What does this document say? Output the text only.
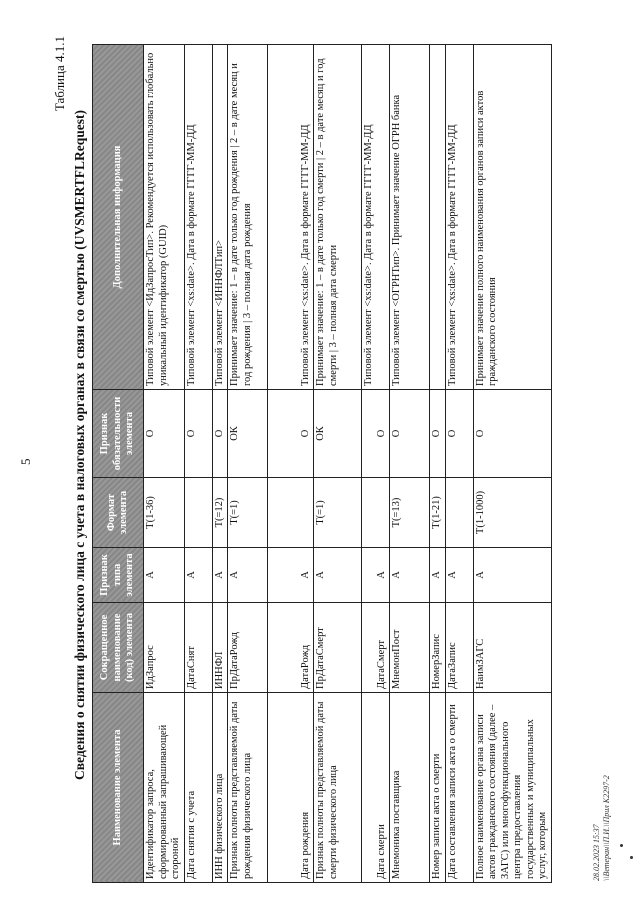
5
Таблица 4.1.1
Сведения о снятии физического лица с учета в налоговых органах в связи со смертью (UVSMERTFLRequest)
Наименование элемента	Сокращенное наименование (код) элемента	Признак типа элемента	Формат элемента	Признак обязательности элемента	Дополнительная информация
Идентификатор запроса, сформированный запрашивающей стороной	ИдЗапрос	А	Т(1-36)	О	Типовой элемент <ИдЗапросТип>. Рекомендуется использовать глобально уникальный идентификатор (GUID)
Дата снятия с учета	ДатаСнят	А		О	Типовой элемент <xs:date>. Дата в формате ГГГГ-ММ-ДД
ИНН физического лица	ИННФЛ	А	Т(=12)	О	Типовой элемент <ИННФЛТип>
Признак полноты представляемой даты рождения физического лица	ПрДатаРожд	А	Т(=1)	ОК	Принимает значение: 1 – в дате только год рождения | 2 – в дате месяц и год рождения | 3 – полная дата рождения
Дата рождения	ДатаРожд	А		О	Типовой элемент <xs:date>. Дата в формате ГГГГ-ММ-ДД
Признак полноты представляемой даты смерти физического лица	ПрДатаСмерт	А	Т(=1)	ОК	Принимает значение: 1 – в дате только год смерти | 2 – в дате месяц и год смерти | 3 – полная дата смерти
Дата смерти	ДатаСмерт	А		О	Типовой элемент <xs:date>. Дата в формате ГГГГ-ММ-ДД
Мнемоника поставщика	МнемонПост	А	Т(=13)	О	Типовой элемент <ОГРНТип>. Принимает значение ОГРН банка
Номер записи акта о смерти	НомерЗапис	А	Т(1-21)	О	
Дата составления записи акта о смерти	ДатаЗапис	А		О	Типовой элемент <xs:date>. Дата в формате ГГГГ-ММ-ДД
Полное наименование органа записи актов гражданского состояния (далее – ЗАГС) или многофункционального центра предоставления государственных и муниципальных услуг, которым	НаимЗАГС	А	Т(1-1000)	О	Принимает значение полного наименования органов записи актов гражданского состояния
28.02.2023 15:37 \\Ветеран\\П.И.\\Прил К2297-2
